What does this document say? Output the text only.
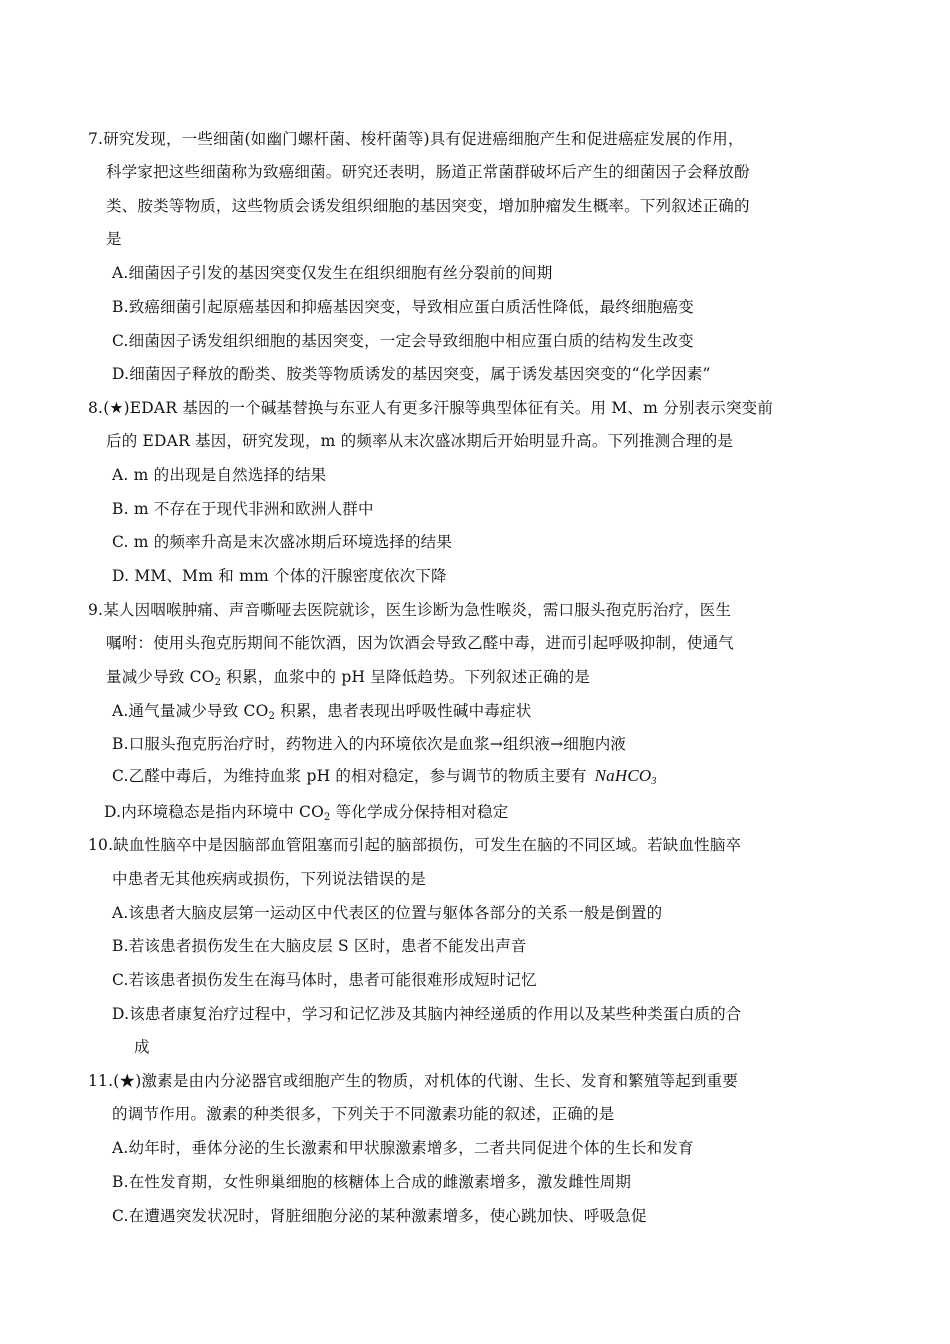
7.研究发现，一些细菌(如幽门螺杆菌、梭杆菌等)具有促进癌细胞产生和促进癌症发展的作用，
科学家把这些细菌称为致癌细菌。研究还表明，肠道正常菌群破坏后产生的细菌因子会释放酚
类、胺类等物质，这些物质会诱发组织细胞的基因突变，增加肿瘤发生概率。下列叙述正确的
是
A.细菌因子引发的基因突变仅发生在组织细胞有丝分裂前的间期
B.致癌细菌引起原癌基因和抑癌基因突变，导致相应蛋白质活性降低，最终细胞癌变
C.细菌因子诱发组织细胞的基因突变，一定会导致细胞中相应蛋白质的结构发生改变
D.细菌因子释放的酚类、胺类等物质诱发的基因突变，属于诱发基因突变的“化学因素”
8.(★)EDAR 基因的一个碱基替换与东亚人有更多汗腺等典型体征有关。用 M、m 分别表示突变前
后的 EDAR 基因，研究发现，m 的频率从末次盛冰期后开始明显升高。下列推测合理的是
A. m 的出现是自然选择的结果
B. m 不存在于现代非洲和欧洲人群中
C. m 的频率升高是末次盛冰期后环境选择的结果
D. MM、Mm 和 mm 个体的汗腺密度依次下降
9.某人因咽喉肿痛、声音嘶哑去医院就诊，医生诊断为急性喉炎，需口服头孢克肟治疗，医生
嘱咐：使用头孢克肟期间不能饮酒，因为饮酒会导致乙醛中毒，进而引起呼吸抑制，使通气
量减少导致 $CO_2$ 积累，血浆中的 pH 呈降低趋势。下列叙述正确的是
A.通气量减少导致 $CO_2$ 积累，患者表现出呼吸性碱中毒症状
B.口服头孢克肟治疗时，药物进入的内环境依次是血浆→组织液→细胞内液
C.乙醛中毒后，为维持血浆 pH 的相对稳定，参与调节的物质主要有 NaHCO$_3$
D.内环境稳态是指内环境中 $CO_2$ 等化学成分保持相对稳定
10.缺血性脑卒中是因脑部血管阻塞而引起的脑部损伤，可发生在脑的不同区域。若缺血性脑卒
中患者无其他疾病或损伤，下列说法错误的是
A.该患者大脑皮层第一运动区中代表区的位置与躯体各部分的关系一般是倒置的
B.若该患者损伤发生在大脑皮层 S 区时，患者不能发出声音
C.若该患者损伤发生在海马体时，患者可能很难形成短时记忆
D.该患者康复治疗过程中，学习和记忆涉及其脑内神经递质的作用以及某些种类蛋白质的合
成
11.(★)激素是由内分泌器官或细胞产生的物质，对机体的代谢、生长、发育和繁殖等起到重要
的调节作用。激素的种类很多，下列关于不同激素功能的叙述，正确的是
A.幼年时，垂体分泌的生长激素和甲状腺激素增多，二者共同促进个体的生长和发育
B.在性发育期，女性卵巢细胞的核糖体上合成的雌激素增多，激发雌性周期
C.在遭遇突发状况时，肾脏细胞分泌的某种激素增多，使心跳加快、呼吸急促
